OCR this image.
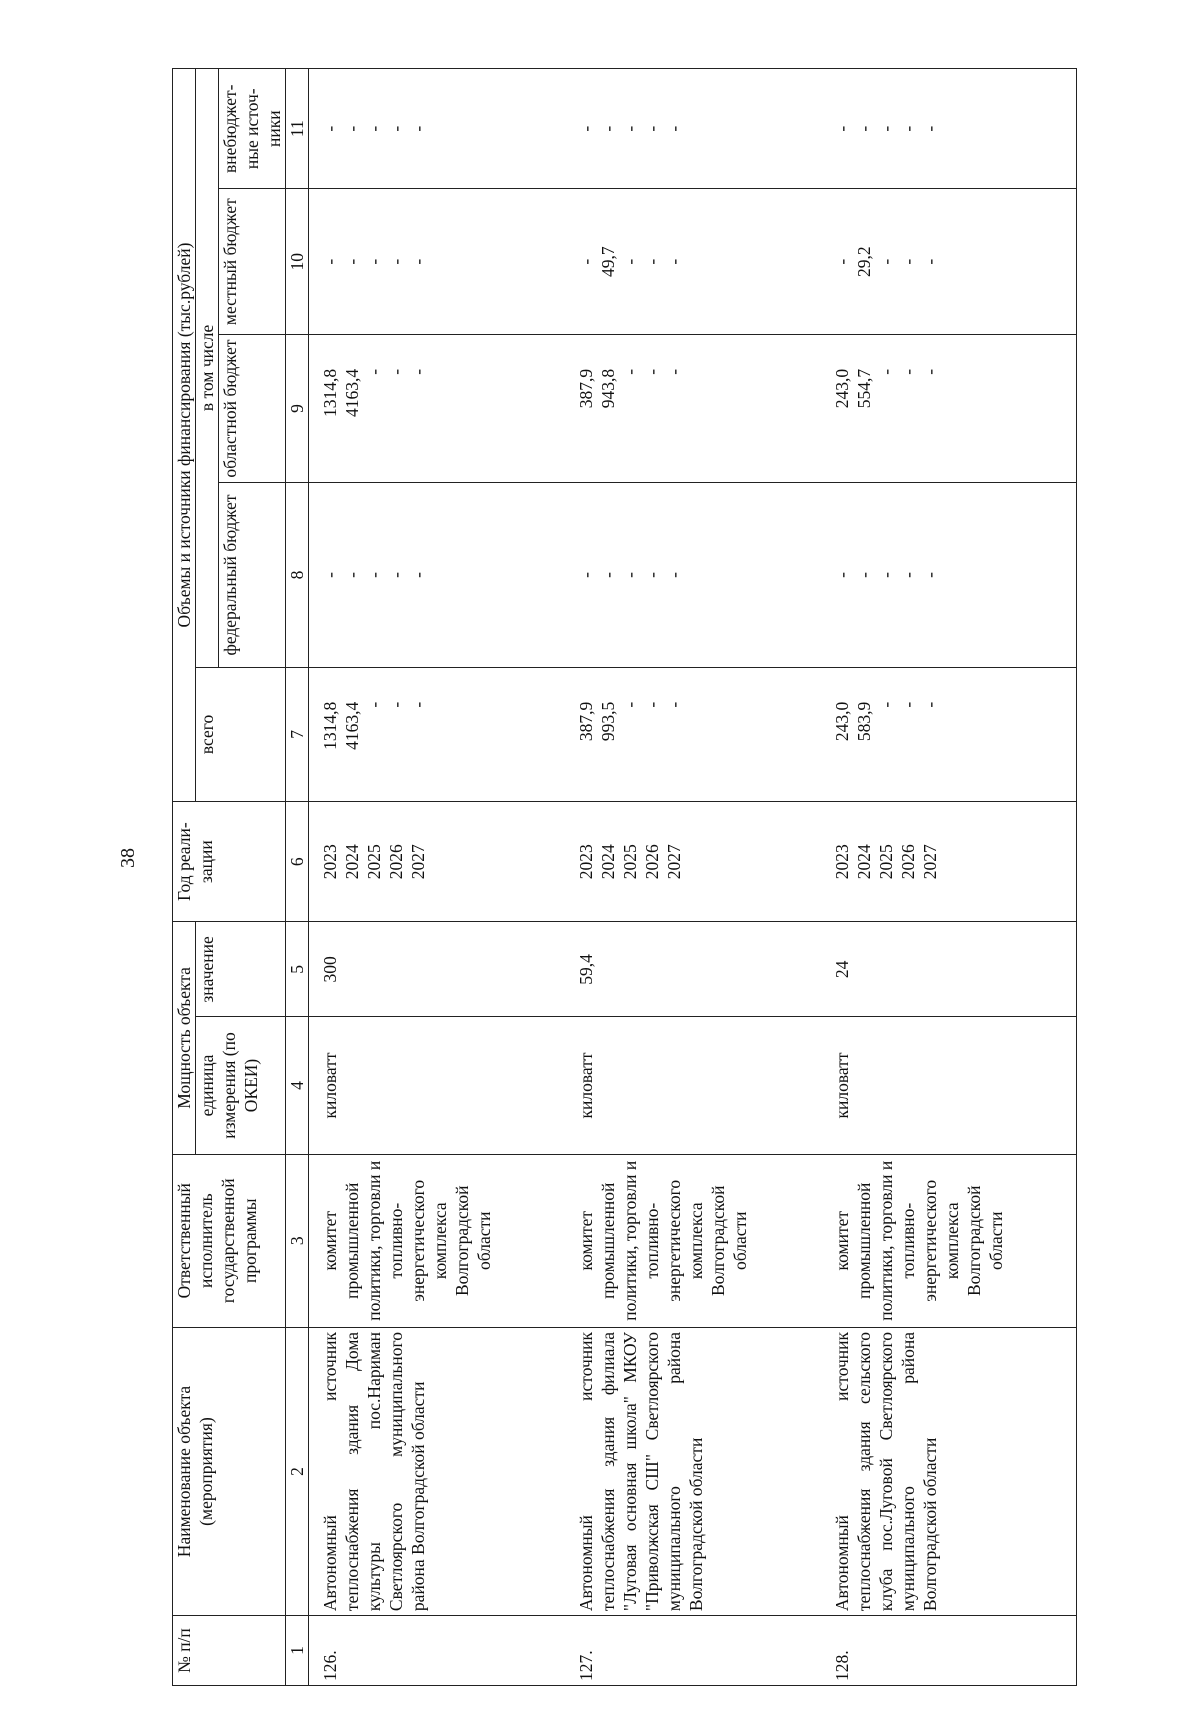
38
№ п/п	Наименование объекта (мероприятия)	Ответственный исполнитель государственной программы	Мощность объекта		Год реали-зации	Объемы и источники финансирования (тыс.рублей)				
			единица измерения (по ОКЕИ)	значение		всего	в том числе			
							федеральный бюджет	областной бюджет	местный бюджет	внебюджет-ные источ-ники
1	2	3	4	5	6	7	8	9	10	11
126.	Автономный источник теплоснабжения здания Дома культуры пос.Нариман Светлоярского муниципального района Волгоградской области	комитет промышленной политики, торговли и топливно-энергетического комплекса Волгоградской области	киловатт	300	2023 2024 2025 2026 2027	1314,8 4163,4 - - -	- - - - -	1314,8 4163,4 - - -	- - - - -	- - - - -

127.	Автономный источник теплоснабжения здания филиала "Луговая основная школа" МКОУ "Приволжская СШ" Светлоярского муниципального района Волгоградской области	комитет промышленной политики, торговли и топливно-энергетического комплекса Волгоградской области	киловатт	59,4	2023 2024 2025 2026 2027	387,9 993,5 - - -	- - - - -	387,9 943,8 - - -	- 49,7 - - -	- - - - -

128.	Автономный источник теплоснабжения здания сельского клуба пос.Луговой Светлоярского муниципального района Волгоградской области	комитет промышленной политики, торговли и топливно-энергетического комплекса Волгоградской области	киловатт	24	2023 2024 2025 2026 2027	243,0 583,9 - - -	- - - - -	243,0 554,7 - - -	- 29,2 - - -	- - - - -
